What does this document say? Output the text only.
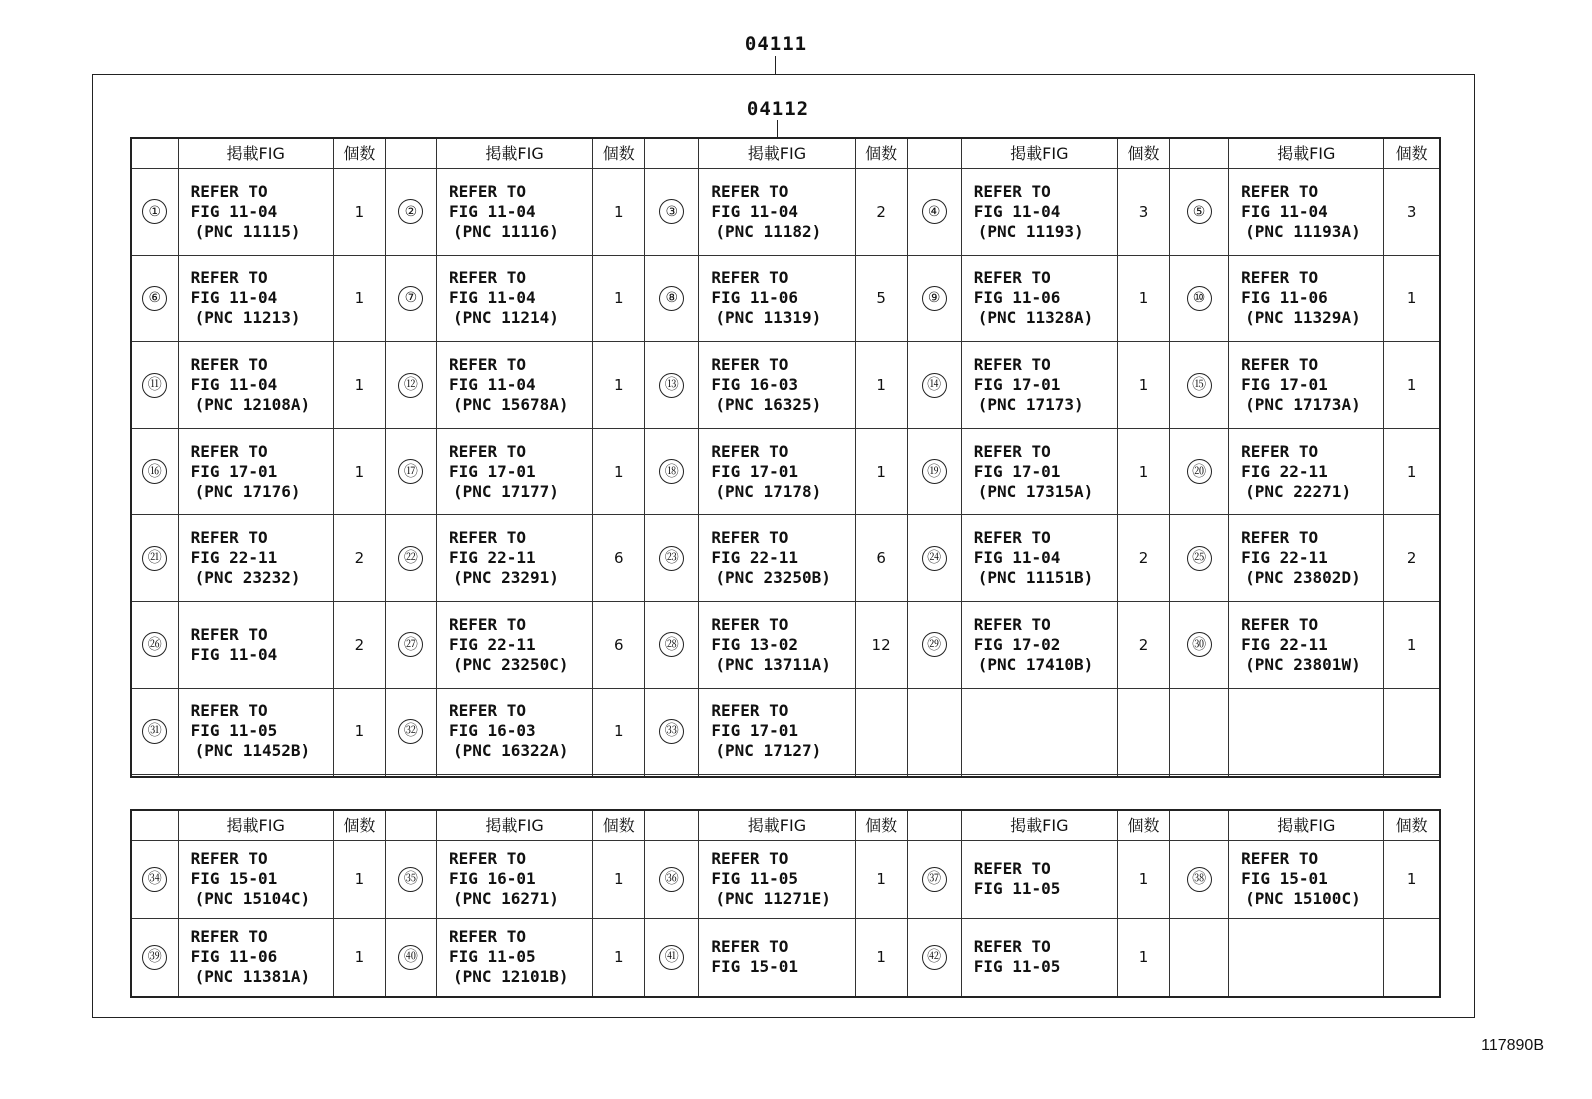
04111
04112
	掲載FIG	個数		掲載FIG	個数		掲載FIG	個数		掲載FIG	個数		掲載FIG	個数
①	REFER TO
FIG 11-04
(PNC 11115)	1	②	REFER TO
FIG 11-04
(PNC 11116)	1	③	REFER TO
FIG 11-04
(PNC 11182)	2	④	REFER TO
FIG 11-04
(PNC 11193)	3	⑤	REFER TO
FIG 11-04
(PNC 11193A)	3
⑥	REFER TO
FIG 11-04
(PNC 11213)	1	⑦	REFER TO
FIG 11-04
(PNC 11214)	1	⑧	REFER TO
FIG 11-06
(PNC 11319)	5	⑨	REFER TO
FIG 11-06
(PNC 11328A)	1	⑩	REFER TO
FIG 11-06
(PNC 11329A)	1
⑪	REFER TO
FIG 11-04
(PNC 12108A)	1	⑫	REFER TO
FIG 11-04
(PNC 15678A)	1	⑬	REFER TO
FIG 16-03
(PNC 16325)	1	⑭	REFER TO
FIG 17-01
(PNC 17173)	1	⑮	REFER TO
FIG 17-01
(PNC 17173A)	1
⑯	REFER TO
FIG 17-01
(PNC 17176)	1	⑰	REFER TO
FIG 17-01
(PNC 17177)	1	⑱	REFER TO
FIG 17-01
(PNC 17178)	1	⑲	REFER TO
FIG 17-01
(PNC 17315A)	1	⑳	REFER TO
FIG 22-11
(PNC 22271)	1
㉑	REFER TO
FIG 22-11
(PNC 23232)	2	㉒	REFER TO
FIG 22-11
(PNC 23291)	6	㉓	REFER TO
FIG 22-11
(PNC 23250B)	6	㉔	REFER TO
FIG 11-04
(PNC 11151B)	2	㉕	REFER TO
FIG 22-11
(PNC 23802D)	2
㉖	REFER TO
FIG 11-04	2	㉗	REFER TO
FIG 22-11
(PNC 23250C)	6	㉘	REFER TO
FIG 13-02
(PNC 13711A)	12	㉙	REFER TO
FIG 17-02
(PNC 17410B)	2	㉚	REFER TO
FIG 22-11
(PNC 23801W)	1
㉛	REFER TO
FIG 11-05
(PNC 11452B)	1	㉜	REFER TO
FIG 16-03
(PNC 16322A)	1	㉝	REFER TO
FIG 17-01
(PNC 17127)							

	掲載FIG	個数		掲載FIG	個数		掲載FIG	個数		掲載FIG	個数		掲載FIG	個数
㉞	REFER TO
FIG 15-01
(PNC 15104C)	1	㉟	REFER TO
FIG 16-01
(PNC 16271)	1	㊱	REFER TO
FIG 11-05
(PNC 11271E)	1	㊲	REFER TO
FIG 11-05	1	㊳	REFER TO
FIG 15-01
(PNC 15100C)	1
㊴	REFER TO
FIG 11-06
(PNC 11381A)	1	㊵	REFER TO
FIG 11-05
(PNC 12101B)	1	㊶	REFER TO
FIG 15-01	1	㊷	REFER TO
FIG 11-05	1			
117890B
